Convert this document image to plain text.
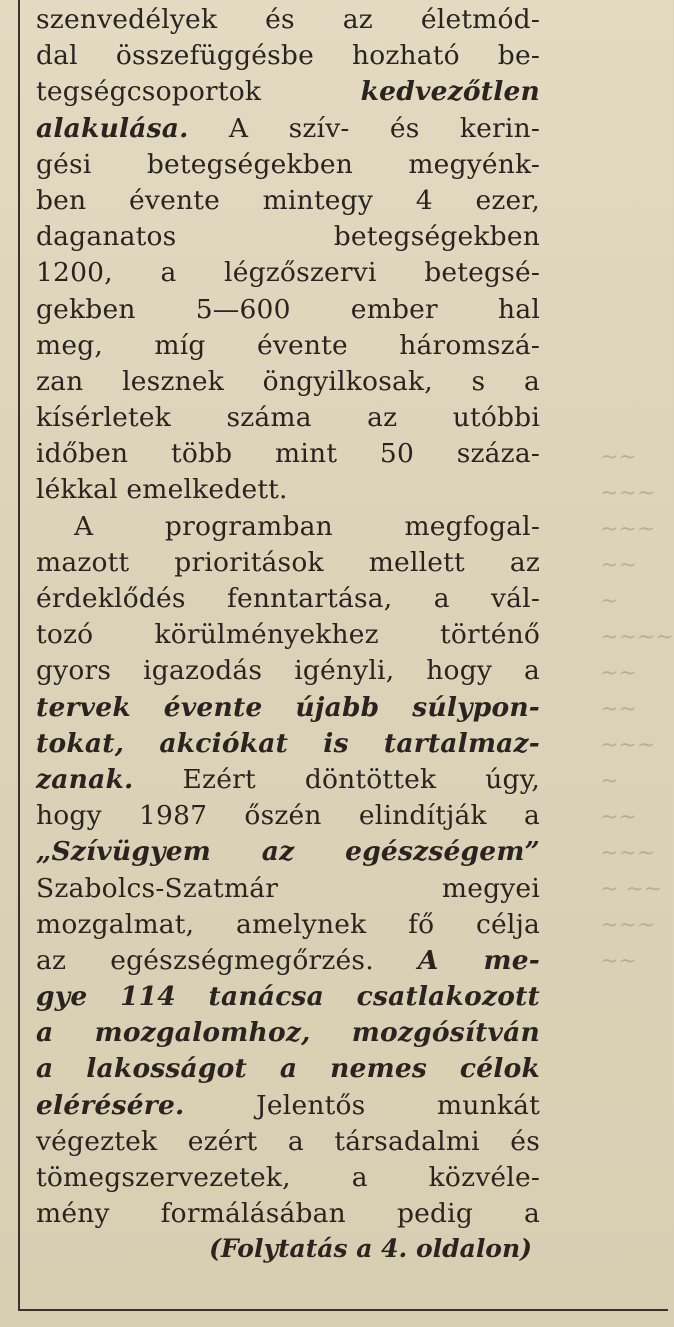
~~ ~~~
~~~ ~~
~ ~~~~
~~ ~~
~~~ ~
~~ ~~~
~ ~~
~~~ ~~
szenvedélyek és az életmód-
dal összefüggésbe hozható be-
tegségcsoportok kedvezőtlen
alakulása. A szív- és kerin-
gési betegségekben megyénk-
ben évente mintegy 4 ezer,
daganatos betegségekben
1200, a légzőszervi betegsé-
gekben 5—600 ember hal
meg, míg évente háromszá-
zan lesznek öngyilkosak, s a
kísérletek száma az utóbbi
időben több mint 50 száza-
lékkal emelkedett.
A programban megfogal-
mazott prioritások mellett az
érdeklődés fenntartása, a vál-
tozó körülményekhez történő
gyors igazodás igényli, hogy a
tervek évente újabb súlypon-
tokat, akciókat is tartalmaz-
zanak. Ezért döntöttek úgy,
hogy 1987 őszén elindítják a
„Szívügyem az egészségem”
Szabolcs-Szatmár megyei
mozgalmat, amelynek fő célja
az egészségmegőrzés. A me-
gye 114 tanácsa csatlakozott
a mozgalomhoz, mozgósítván
a lakosságot a nemes célok
elérésére. Jelentős munkát
végeztek ezért a társadalmi és
tömegszervezetek, a közvéle-
mény formálásában pedig a
(Folytatás a 4. oldalon)
